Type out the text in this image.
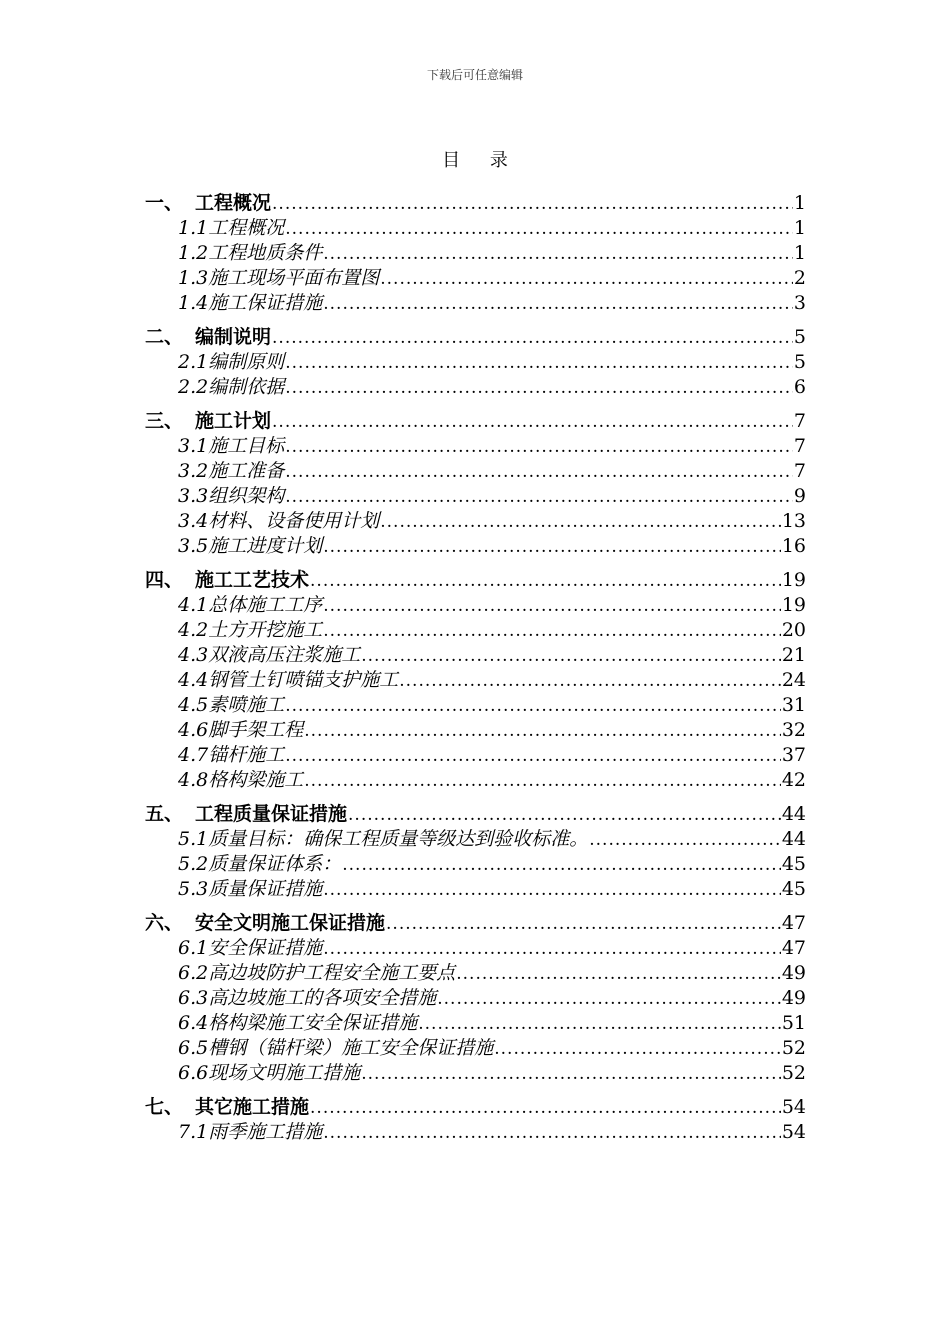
下载后可任意编辑
目 录
一、 工程概况 .....	1
1.1 工程概况 .....	1
1.2 工程地质条件 .....	1
1.3 施工现场平面布置图 .....	2
1.4 施工保证措施 .....	3
二、 编制说明 .....	5
2.1 编制原则 .....	5
2.2 编制依据 .....	6
三、 施工计划 .....	7
3.1 施工目标 .....	7
3.2 施工准备 .....	7
3.3 组织架构 .....	9
3.4 材料、设备使用计划 .....	13
3.5 施工进度计划 .....	16
四、 施工工艺技术 .....	19
4.1 总体施工工序 .....	19
4.2 土方开挖施工 .....	20
4.3 双液高压注浆施工 .....	21
4.4 钢管土钉喷锚支护施工 .....	24
4.5 素喷施工 .....	31
4.6 脚手架工程 .....	32
4.7 锚杆施工 .....	37
4.8 格构梁施工 .....	42
五、 工程质量保证措施 .....	44
5.1 质量目标：确保工程质量等级达到验收标准。 .....	44
5.2 质量保证体系： .....	45
5.3 质量保证措施 .....	45
六、 安全文明施工保证措施 .....	47
6.1 安全保证措施 .....	47
6.2 高边坡防护工程安全施工要点 .....	49
6.3 高边坡施工的各项安全措施 .....	49
6.4 格构梁施工安全保证措施 .....	51
6.5 槽钢（锚杆梁）施工安全保证措施 .....	52
6.6 现场文明施工措施 .....	52
七、 其它施工措施 .....	54
7.1 雨季施工措施 .....	54
